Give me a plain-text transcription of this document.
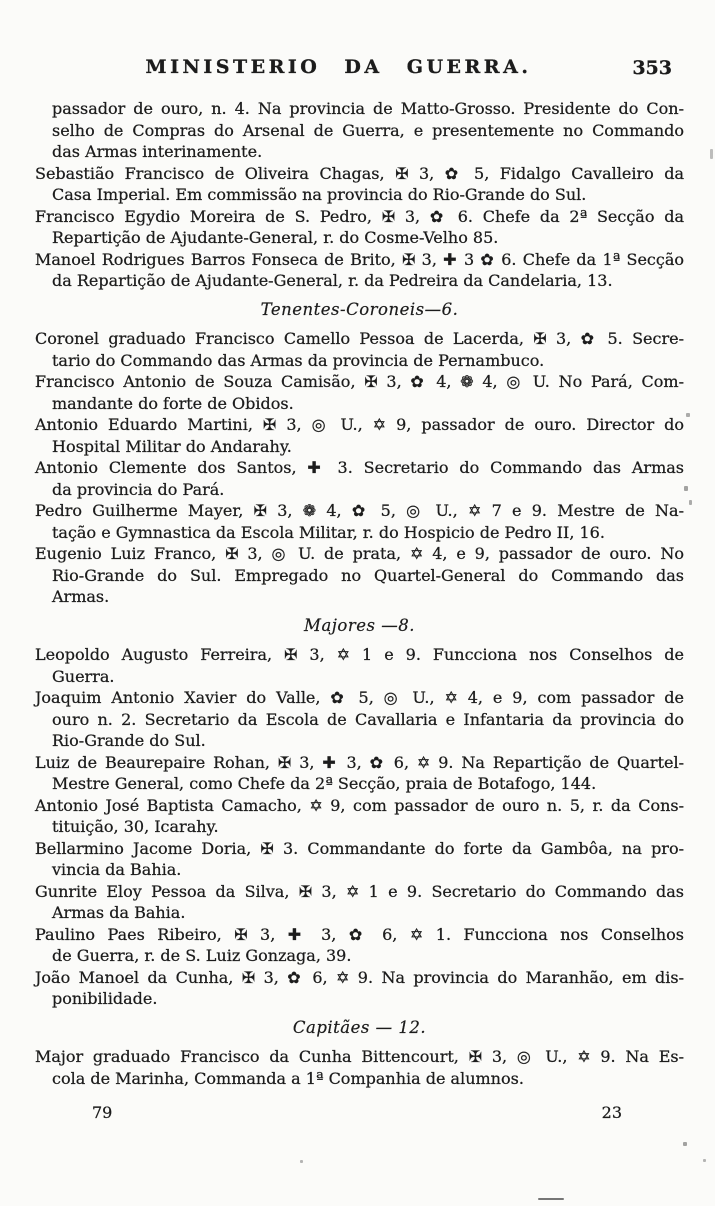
MINISTERIO DA GUERRA.	353
passador de ouro, n. 4. Na provincia de Matto-Grosso. Presidente do Con-
selho de Compras do Arsenal de Guerra, e presentemente no Commando
das Armas interinamente.
Sebastião Francisco de Oliveira Chagas, ✠ 3, ✿ 5, Fidalgo Cavalleiro da
Casa Imperial. Em commissão na provincia do Rio-Grande do Sul.
Francisco Egydio Moreira de S. Pedro, ✠ 3, ✿ 6. Chefe da 2ª Secção da
Repartição de Ajudante-General, r. do Cosme-Velho 85.
Manoel Rodrigues Barros Fonseca de Brito, ✠ 3, ✚ 3 ✿ 6. Chefe da 1ª Secção
da Repartição de Ajudante-General, r. da Pedreira da Candelaria, 13.
Tenentes-Coroneis—6.
Coronel graduado Francisco Camello Pessoa de Lacerda, ✠ 3, ✿ 5. Secre-
tario do Commando das Armas da provincia de Pernambuco.
Francisco Antonio de Souza Camisão, ✠ 3, ✿ 4, ❁ 4, ◎ U. No Pará, Com-
mandante do forte de Obidos.
Antonio Eduardo Martini, ✠ 3, ◎ U., ✡ 9, passador de ouro. Director do
Hospital Militar do Andarahy.
Antonio Clemente dos Santos, ✚ 3. Secretario do Commando das Armas
da provincia do Pará.
Pedro Guilherme Mayer, ✠ 3, ❁ 4, ✿ 5, ◎ U., ✡ 7 e 9. Mestre de Na-
tação e Gymnastica da Escola Militar, r. do Hospicio de Pedro II, 16.
Eugenio Luiz Franco, ✠ 3, ◎ U. de prata, ✡ 4, e 9, passador de ouro. No
Rio-Grande do Sul. Empregado no Quartel-General do Commando das
Armas.
Majores —8.
Leopoldo Augusto Ferreira, ✠ 3, ✡ 1 e 9. Funcciona nos Conselhos de
Guerra.
Joaquim Antonio Xavier do Valle, ✿ 5, ◎ U., ✡ 4, e 9, com passador de
ouro n. 2. Secretario da Escola de Cavallaria e Infantaria da provincia do
Rio-Grande do Sul.
Luiz de Beaurepaire Rohan, ✠ 3, ✚ 3, ✿ 6, ✡ 9. Na Repartição de Quartel-
Mestre General, como Chefe da 2ª Secção, praia de Botafogo, 144.
Antonio José Baptista Camacho, ✡ 9, com passador de ouro n. 5, r. da Cons-
tituição, 30, Icarahy.
Bellarmino Jacome Doria, ✠ 3. Commandante do forte da Gambôa, na pro-
vincia da Bahia.
Gunrite Eloy Pessoa da Silva, ✠ 3, ✡ 1 e 9. Secretario do Commando das
Armas da Bahia.
Paulino Paes Ribeiro, ✠ 3, ✚ 3, ✿ 6, ✡ 1. Funcciona nos Conselhos
de Guerra, r. de S. Luiz Gonzaga, 39.
João Manoel da Cunha, ✠ 3, ✿ 6, ✡ 9. Na provincia do Maranhão, em dis-
ponibilidade.
Capitães — 12.
Major graduado Francisco da Cunha Bittencourt, ✠ 3, ◎ U., ✡ 9. Na Es-
cola de Marinha, Commanda a 1ª Companhia de alumnos.
79	23
